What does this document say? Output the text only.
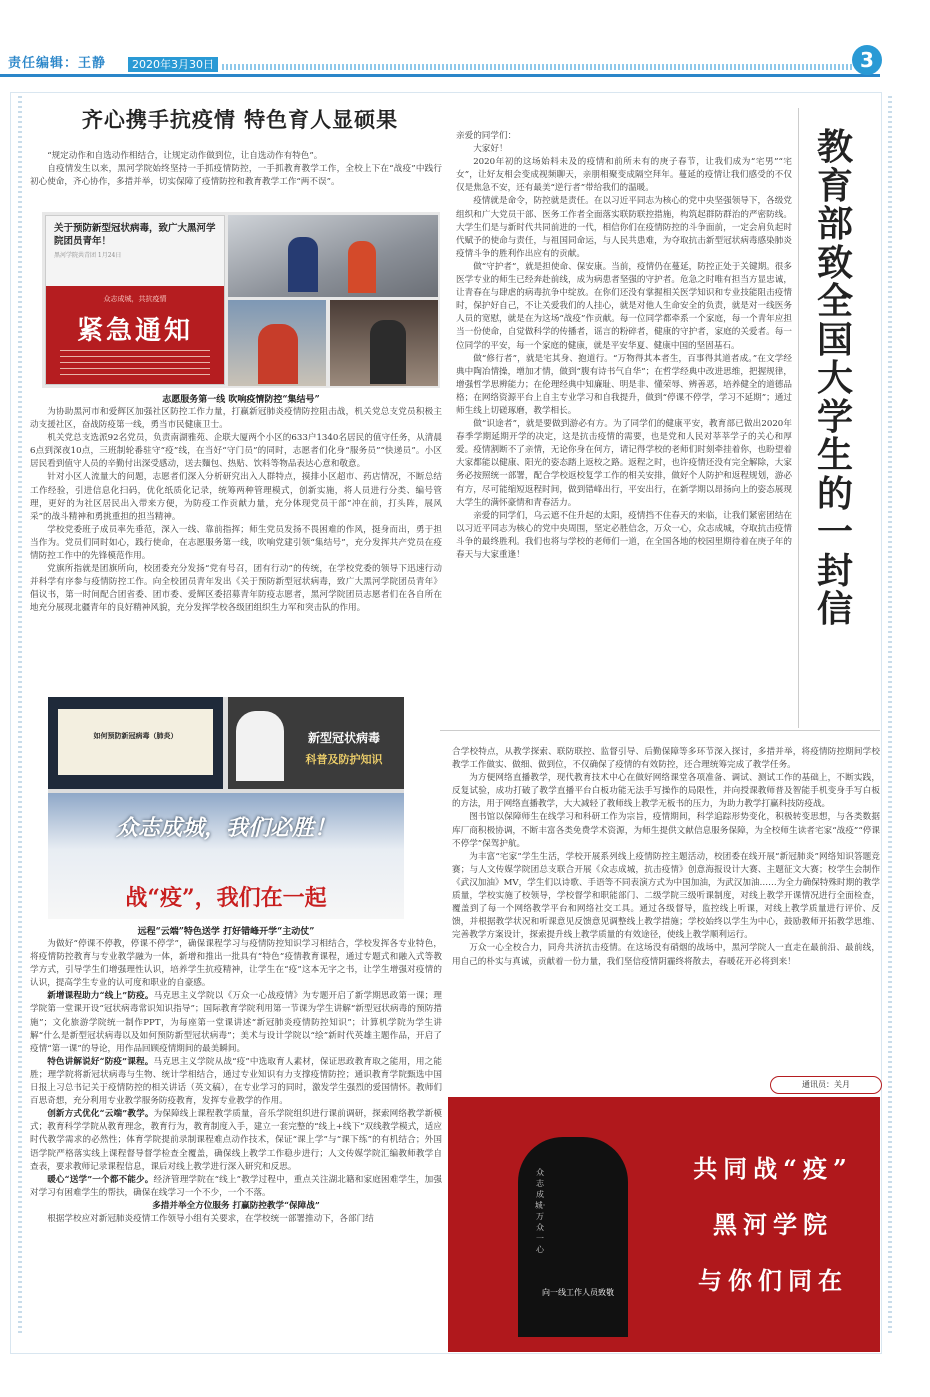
责任编辑：王静	2020年3月30日	3
齐心携手抗疫情 特色育人显硕果

“规定动作和自选动作相结合，让规定动作做到位，让自选动作有特色”。

自疫情发生以来，黑河学院始终坚持一手抓疫情防控，一手抓教育教学工作，全校上下在“战疫”中践行初心使命，齐心协作，多措并举，切实保障了疫情防控和教育教学工作“两不误”。

关于预防新型冠状病毒，致广大黑河学院团员青年！
黑河学院共青团 1月24日
众志成城，共抗疫情
紧急通知
志愿服务第一线 吹响疫情防控“集结号”

为协助黑河市和爱辉区加强社区防控工作力量，打赢新冠肺炎疫情防控阻击战，机关党总支党员积极主动支援社区，奋战防疫第一线，勇当市民健康卫士。

机关党总支选派92名党员，负责南湖雅苑、企联大厦两个小区的633户1340名居民的值守任务，从清晨6点到深夜10点，三班制轮番驻守“疫”线，在当好“守门员”的同时，志愿者们化身“服务员”“快递员”。小区居民看到值守人员的辛勤付出深受感动，送去麵包、热贴、饮料等物品表达心意和敬意。

针对小区人流量大的问题，志愿者们深入分析研究出入人群特点，摸排小区超市、药店情况，不断总结工作经验，引进信息化扫码，优化纸质化记录，统筹两种管理模式，创新实施，将人员进行分类、编号管理，更好的为社区居民出入带来方便，为防疫工作贡献力量，充分体现党员干部“冲在前，打头阵，展风采”的战斗精神和勇挑重担的担当精神。

学校党委班子成员率先垂范，深入一线、靠前指挥；师生党员发扬不畏困难的作风，挺身而出，勇于担当作为。党员们同时如心，践行使命，在志愿服务第一线，吹响党建引领“集结号”，充分发挥共产党员在疫情防控工作中的先锋模范作用。

党旗所指就是团旗所向，校团委充分发扬“党有号召，团有行动”的传统，在学校党委的领导下迅速行动并科学有序参与疫情防控工作。向全校团员青年发出《关于预防新型冠状病毒，致广大黑河学院团员青年》倡议书，第一时间配合团省委、团市委、爱辉区委招募青年防疫志愿者，黑河学院团员志愿者们在各自所在地充分展现北疆青年的良好精神风貌，充分发挥学校各级团组织生力军和突击队的作用。

如何预防新冠病毒（肺炎）	新型冠状病毒
科普及防护知识
众志成城，我们必胜！
战“疫”，我们在一起
远程“云端”特色送学 打好错峰开学“主动仗”

为做好“停课不停教，停课不停学”，确保课程学习与疫情防控知识学习相结合，学校发挥各专业特色，将疫情防控教育与专业教学融为一体，新增和推出一批具有“特色”疫情教育课程，通过专题式和融入式等教学方式，引导学生们增强理性认识，培养学生抗疫精神，让学生在“疫”这本无字之书，让学生增强对疫情的认识，提高学生专业的认可度和职业的自豪感。

新增课程助力“线上”防疫。马克思主义学院以《万众一心战疫情》为专题开启了新学期思政第一课；理学院第一堂课开设“冠状病毒常识知识指导”；国际教育学院利用第一节课为学生讲解“新型冠状病毒的预防措施”；文化旅游学院统一制作PPT，为每座第一堂课讲述“新冠肺炎疫情防控知识”；计算机学院为学生讲解“什么是新型冠状病毒以及如何预防新型冠状病毒”；美术与设计学院以“绘”新时代英雄主题作品，开启了疫情“第一课”的导论，用作品回顾疫情期间的最美瞬间。

特色讲解说好“防疫”课程。马克思主义学院从战“疫”中选取育人素材，保证思政教育取之能用，用之能胜；理学院将新冠状病毒与生物、统计学相结合，通过专业知识有力支撑疫情防控；通识教育学院甄选中国日报上习总书记关于疫情防控的相关讲话（英文稿），在专业学习的同时，激发学生强烈的爱国情怀。教师们百思奇想，充分利用专业教学服务防疫教育，发挥专业教学的作用。

创新方式优化“云端”教学。为保障线上课程教学质量，音乐学院组织进行课前调研，探索网络教学新模式；教育科学学院从教育理念，教育行为，教育制度入手，建立一套完整的“线上+线下”双线教学模式，适应时代教学需求的必然性；体育学院提前录制课程难点动作技术，保证“课上学”与“课下练”的有机结合；外国语学院严格落实线上课程督导督学检查全覆盖，确保线上教学工作稳步进行；人文传媒学院汇编教师教学自查表，要求教师记录课程信息，课后对线上教学进行深入研究和反思。

暖心“送学”一个都不能少。经济管理学院在“线上”教学过程中，重点关注湖北籍和家庭困难学生，加强对学习有困难学生的帮扶，确保在线学习一个不少，一个不落。

多措并举全方位服务 打赢防控教学“保障战”

根据学校应对新冠肺炎疫情工作领导小组有关要求，在学校统一部署推动下，各部门结

亲爱的同学们：

大家好！

2020年初的这场始料未及的疫情和前所未有的庚子春节，让我们成为“宅男”“宅女”，让好友相会变成视频聊天，亲朋相聚变成隔空拜年。蔓延的疫情让我们感受的不仅仅是焦急不安，还有最美“逆行者”带给我们的温暖。

疫情就是命令，防控就是责任。在以习近平同志为核心的党中央坚强领导下，各级党组织和广大党员干部、医务工作者全面落实联防联控措施，构筑起群防群治的严密防线。大学生们是与新时代共同前进的一代，相信你们在疫情防控的斗争面前，一定会肩负起时代赋予的使命与责任，与祖国同命运，与人民共患难，为夺取抗击新型冠状病毒感染肺炎疫情斗争的胜利作出应有的贡献。

做“守护者”，就是担使命、保安康。当前，疫情仍在蔓延，防控正处于关键期。很多医学专业的师生已经奔赴前线，成为病患者坚强的守护者。危急之时唯有担当方显忠诚，让青春在与肆虐的病毒抗争中绽放。在你们还没有掌握相关医学知识和专业技能阻击疫情时，保护好自己，不让关爱我们的人挂心，就是对他人生命安全的负责，就是对一线医务人员的宽慰，就是在为这场“战疫”作贡献。每一位同学都牵系一个家庭，每一个青年应担当一份使命，自觉做科学的传播者，谣言的粉碎者，健康的守护者，家庭的关爱者。每一位同学的平安，每一个家庭的健康，就是平安华夏、健康中国的坚固基石。

做“修行者”，就是宅其身、抱道行。“万物得其本者生，百事得其道者成。”在文学经典中陶冶情操，增加才情，做到“腹有诗书气自华”；在哲学经典中改进思维，把握规律，增强哲学思辨能力；在伦理经典中知廉耻、明是非、懂荣辱、辨善恶，培养健全的道德品格；在网络资源平台上自主专业学习和自我提升，做到“停课不停学，学习不延期”；通过师生线上切磋琢磨，教学相长。

做“识途者”，就是要做到游必有方。为了同学们的健康平安，教育部已做出2020年春季学期延期开学的决定，这是抗击疫情的需要，也是党和人民对莘莘学子的关心和厚爱。疫情割断不了亲情，无论你身在何方，请记得学校的老师们时刻牵挂着你，也盼望着大家都能以健康、阳光的姿态踏上返校之路。返程之时，也许疫情还没有完全解除，大家务必按照统一部署，配合学校返校复学工作的相关安排，做好个人防护和返程规划，游必有方，尽可能缩短返程时间，做到错峰出行，平安出行，在新学期以昂扬向上的姿态展现大学生的满怀豪情和青春活力。

亲爱的同学们，乌云遮不住升起的太阳，疫情挡不住春天的来临，让我们紧密团结在以习近平同志为核心的党中央周围，坚定必胜信念，万众一心，众志成城，夺取抗击疫情斗争的最终胜利。我们也将与学校的老师们一道，在全国各地的校园里期待着在庚子年的春天与大家重逢！

教育部致全国大学生的一封信

合学校特点，从教学探索、联防联控、监督引导、后勤保障等多环节深入探讨，多措并举，将疫情防控期间学校教学工作做实、做细、做到位，不仅确保了疫情的有效防控，还合理统筹完成了教学任务。

为方便网络直播教学，现代教育技术中心在做好网络课堂各项准备、调试、测试工作的基础上，不断实践，反复试验，成功打破了教学直播平台白板功能无法手写操作的局限性，并向授课教师普及智能手机变身手写白板的方法，用于网络直播教学，大大减轻了教师线上教学无板书的压力，为助力教学打赢科技防疫战。

图书馆以保障师生在线学习和科研工作为宗旨，疫情期间，科学追踪形势变化，积极转变思想，与各类数据库厂商积极协调，不断丰富各类免费学术资源，为师生提供文献信息服务保障，为全校师生读者宅家“战疫”“停课不停学”保驾护航。

为丰富“宅家”学生生活，学校开展系列线上疫情防控主题活动，校团委在线开展“新冠肺炎”网络知识答题竞赛；与人文传媒学院团总支联合开展《众志成城，抗击疫情》创意海报设计大赛、主题征文大赛；校学生会制作《武汉加油》MV，学生们以诗歌、手语等不同表演方式为中国加油，为武汉加油……为全力确保特殊时期的教学质量，学校实施了校领导，学校督学和职能部门、二级学院三级听课制度，对线上教学开课情况进行全面检查，覆盖到了每一个网络教学平台和网络社交工具。通过各级督导，监控线上听课，对线上教学质量进行评价、反馈，并根据教学状况和听课意见反馈意见调整线上教学措施；学校始终以学生为中心，鼓励教师开拓教学思维、完善教学方案设计，探索提升线上教学质量的有效途径，使线上教学顺利运行。

万众一心全校合力，同舟共济抗击疫情。在这场没有硝烟的战场中，黑河学院人一直走在最前沿、最前线，用自己的朴实与真诚，贡献着一份力量，我们坚信疫情阴霾终将散去，春暖花开必将到来！

通讯员：关月
众志成城·万众一心
向一线工作人员致敬
共同战“疫”
黑河学院
与你们同在
